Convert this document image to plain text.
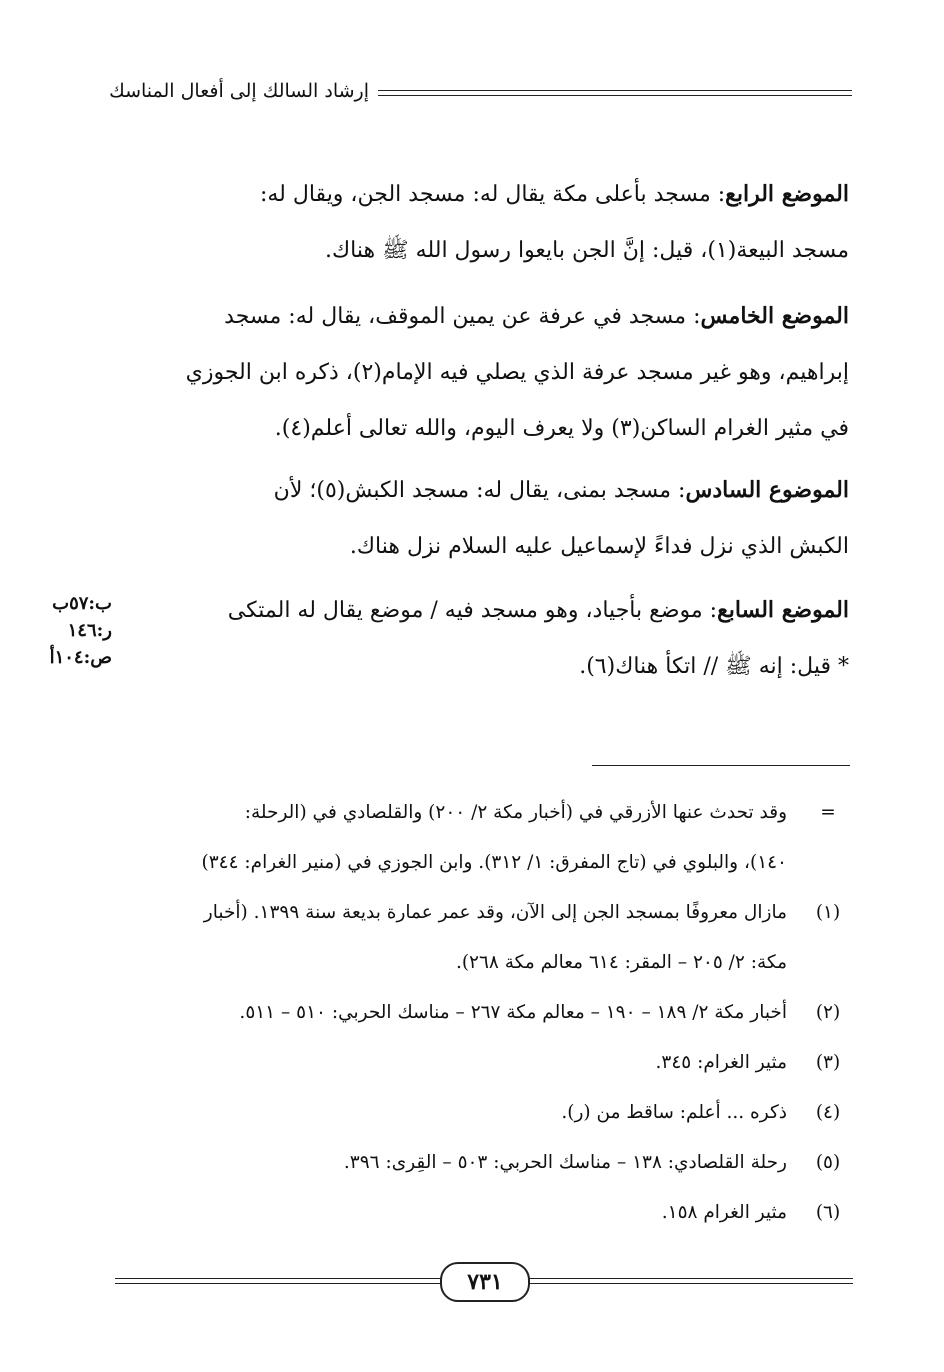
إرشاد السالك إلى أفعال المناسك
الموضع الرابع: مسجد بأعلى مكة يقال له: مسجد الجن، ويقال له:
مسجد البيعة(١)، قيل: إنَّ الجن بايعوا رسول الله ﷺ هناك.
الموضع الخامس: مسجد في عرفة عن يمين الموقف، يقال له: مسجد
إبراهيم، وهو غير مسجد عرفة الذي يصلي فيه الإمام(٢)، ذكره ابن الجوزي
في مثير الغرام الساكن(٣) ولا يعرف اليوم، والله تعالى أعلم(٤).
الموضوع السادس: مسجد بمنى، يقال له: مسجد الكبش(٥)؛ لأن
الكبش الذي نزل فداءً لإسماعيل عليه السلام نزل هناك.
الموضع السابع: موضع بأجياد، وهو مسجد فيه / موضع يقال له المتكى
* قيل: إنه ﷺ // اتكأ هناك(٦).
ب:٥٧ب
ر:١٤٦
ص:١٠٤أ
=
وقد تحدث عنها الأزرقي في (أخبار مكة ٢/ ٢٠٠) والقلصادي في (الرحلة:
١٤٠)، والبلوي في (تاج المفرق: ١/ ٣١٢). وابن الجوزي في (منير الغرام: ٣٤٤)
(١)
مازال معروفًا بمسجد الجن إلى الآن، وقد عمر عمارة بديعة سنة ١٣٩٩. (أخبار
مكة: ٢/ ٢٠٥ – المقر: ٦١٤ معالم مكة ٢٦٨).
(٢)
أخبار مكة ٢/ ١٨٩ – ١٩٠ – معالم مكة ٢٦٧ – مناسك الحربي: ٥١٠ – ٥١١.
(٣)
مثير الغرام: ٣٤٥.
(٤)
ذكره ... أعلم: ساقط من (ر).
(٥)
رحلة القلصادي: ١٣٨ – مناسك الحربي: ٥٠٣ – القِرى: ٣٩٦.
(٦)
مثير الغرام ١٥٨.
٧٣١
